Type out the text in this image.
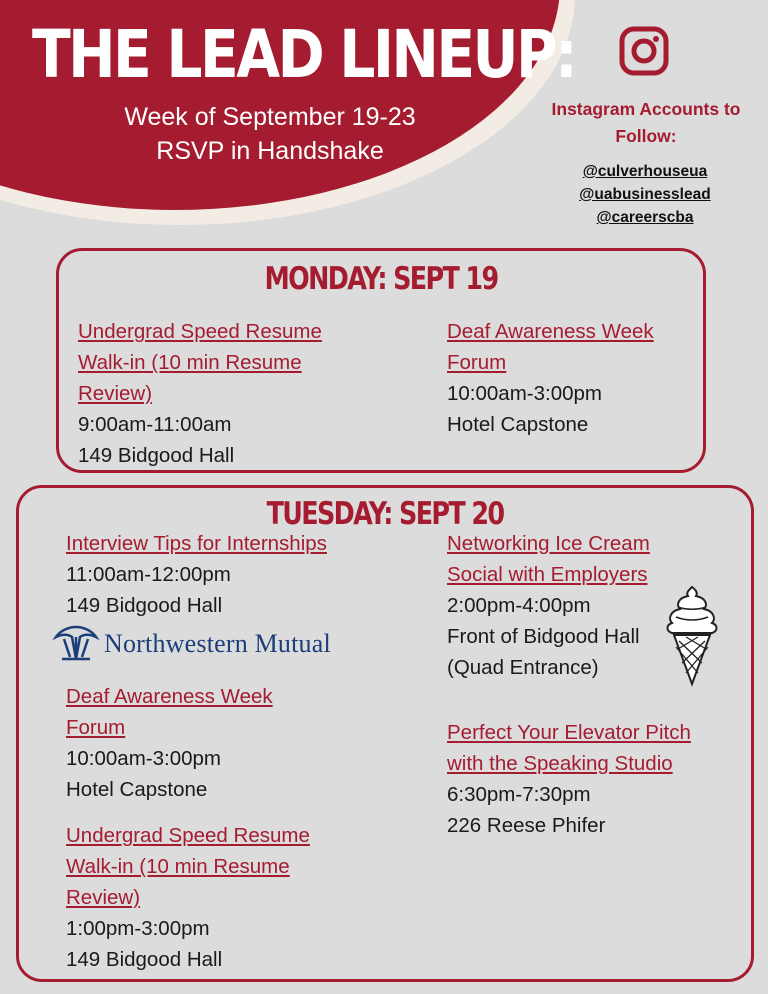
THE LEAD LINEUP:
Week of September 19-23
RSVP in Handshake
Instagram Accounts to Follow:
@culverhouseua
@uabusinesslead
@careerscba
MONDAY: SEPT 19
Undergrad Speed Resume
Walk-in (10 min Resume
Review)
9:00am-11:00am
149 Bidgood Hall
Deaf Awareness Week
Forum
10:00am-3:00pm
Hotel Capstone
TUESDAY: SEPT 20
Interview Tips for Internships
11:00am-12:00pm
149 Bidgood Hall
Northwestern Mutual
Deaf Awareness Week
Forum
10:00am-3:00pm
Hotel Capstone
Undergrad Speed Resume
Walk-in (10 min Resume
Review)
1:00pm-3:00pm
149 Bidgood Hall
Networking Ice Cream
Social with Employers
2:00pm-4:00pm
Front of Bidgood Hall
(Quad Entrance)
Perfect Your Elevator Pitch
with the Speaking Studio
6:30pm-7:30pm
226 Reese Phifer
